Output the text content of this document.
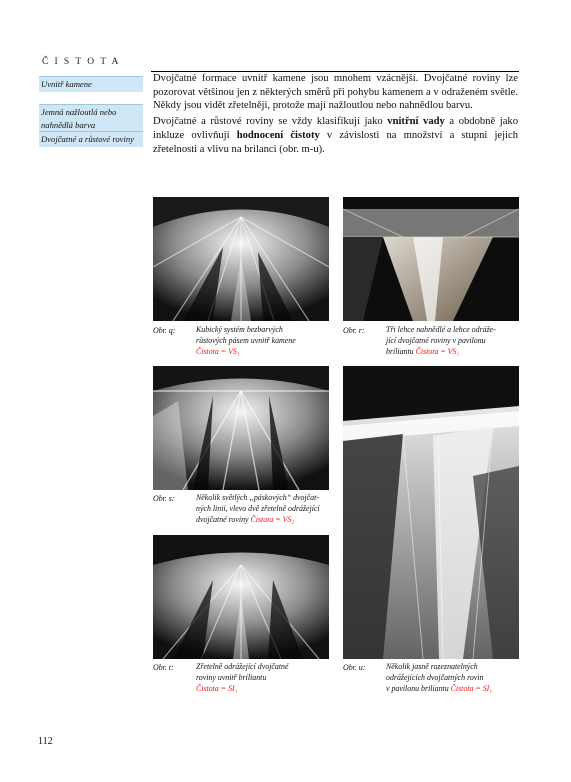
ČISTOTA
Uvnitř kamene
Jemná nažloutlá nebo nahnědlá barva
Dvojčatné a růstové roviny

Dvojčatné formace uvnitř kamene jsou mnohem vzácnější. Dvojčatné roviny lze pozorovat většinou jen z některých směrů při pohybu kamenem a v odraženém světle. Někdy jsou vidět zřetelněji, protože mají nažloutlou nebo nahnědlou barvu.

Dvojčatné a růstové roviny se vždy klasifikují jako vnitřní vady a obdobně jako inkluze ovlivňují hodnocení čistoty v závislosti na množství a stupni jejich zřetelnosti a vlivu na brilanci (obr. m-u).

Obr. q:	Kubický systém bezbarvých
růstových pásem uvnitř kamene
Čistota = VS₁
Obr. r:	Tři lehce nahnědlé a lehce odráže-
jící dvojčatné roviny v pavilonu
briliantu Čistota = VS₁
Obr. s:	Několik světlých „páskových“ dvojčat-
ných linií, vlevo dvě zřetelně odrážející
dvojčatné roviny Čistota = VS₂
Obr. t:	Zřetelně odrážející dvojčatné
roviny uvnitř briliantu
Čistota = SI₁
Obr. u:	Několik jasně rozeznatelných
odrážejících dvojčatných rovin
v pavilonu briliantu Čistota = SI₁
112
